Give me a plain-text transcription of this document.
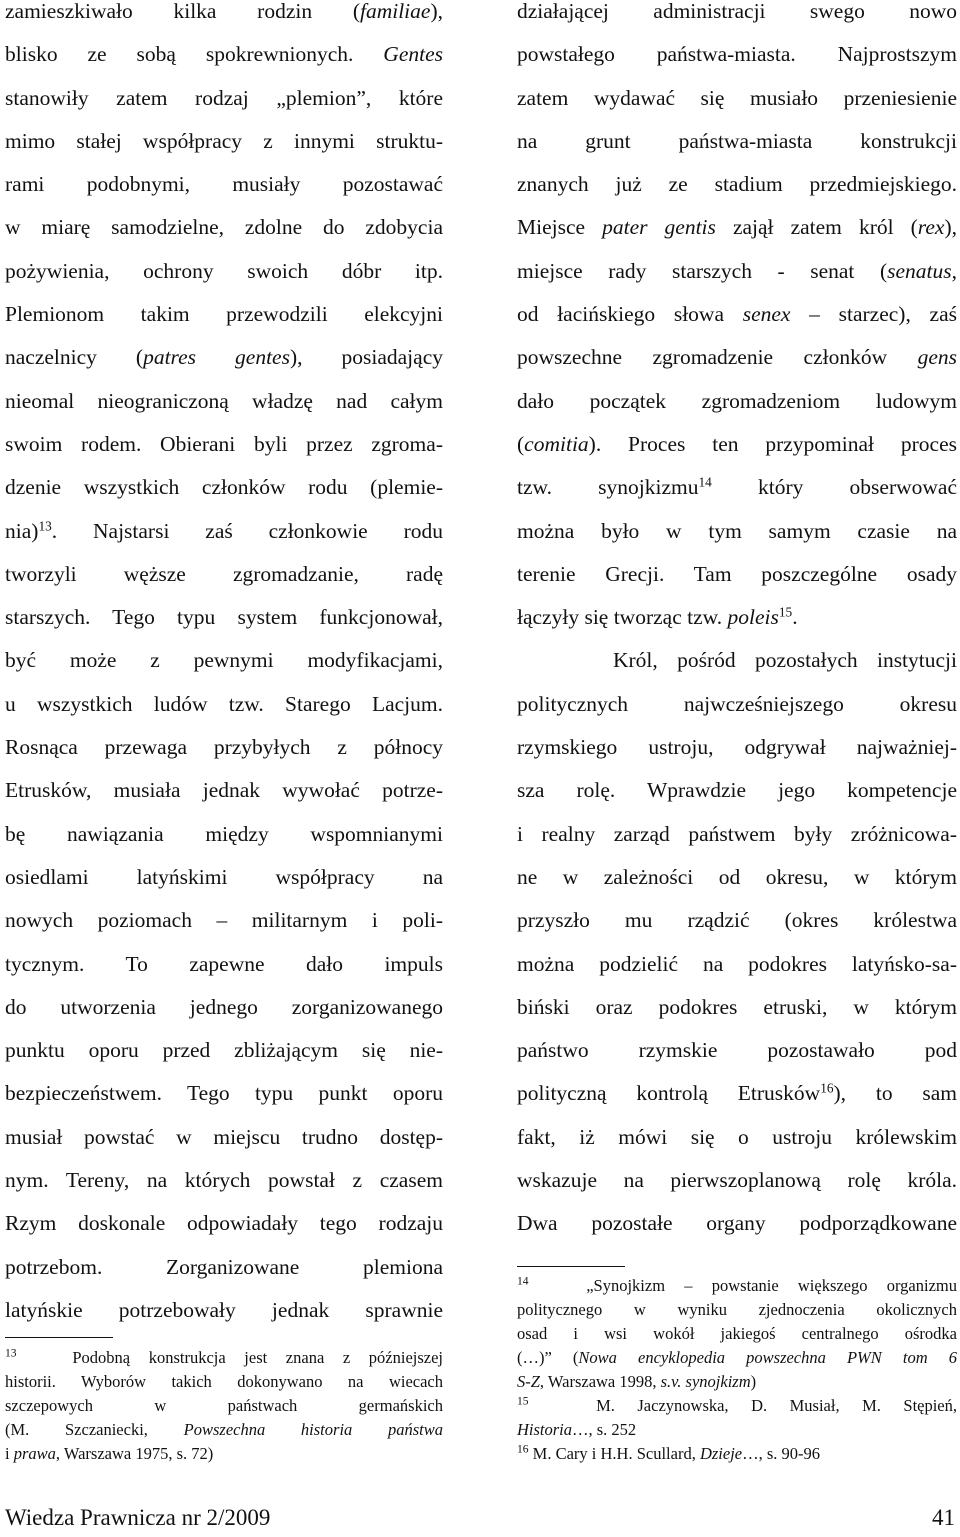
zamieszkiwało kilka rodzin (familiae),
blisko ze sobą spokrewnionych. Gentes
stanowiły zatem rodzaj „plemion”, które
mimo stałej współpracy z innymi struktu-
rami podobnymi, musiały pozostawać
w miarę samodzielne, zdolne do zdobycia
pożywienia, ochrony swoich dóbr itp.
Plemionom takim przewodzili elekcyjni
naczelnicy (patres gentes), posiadający
nieomal nieograniczoną władzę nad całym
swoim rodem. Obierani byli przez zgroma-
dzenie wszystkich członków rodu (plemie-
nia)$^{13}$. Najstarsi zaś członkowie rodu
tworzyli węższe zgromadzanie, radę
starszych. Tego typu system funkcjonował,
być może z pewnymi modyfikacjami,
u wszystkich ludów tzw. Starego Lacjum.
Rosnąca przewaga przybyłych z północy
Etrusków, musiała jednak wywołać potrze-
bę nawiązania między wspomnianymi
osiedlami latyńskimi współpracy na
nowych poziomach – militarnym i poli-
tycznym. To zapewne dało impuls
do utworzenia jednego zorganizowanego
punktu oporu przed zbliżającym się nie-
bezpieczeństwem. Tego typu punkt oporu
musiał powstać w miejscu trudno dostęp-
nym. Tereny, na których powstał z czasem
Rzym doskonale odpowiadały tego rodzaju
potrzebom. Zorganizowane plemiona
latyńskie potrzebowały jednak sprawnie
$^{13}$	Podobną konstrukcja jest znana z późniejszej
historii. Wyborów takich dokonywano na wiecach
szczepowych w państwach germańskich
(M. Szczaniecki, Powszechna historia państwa
i prawa, Warszawa 1975, s. 72)
działającej administracji swego nowo
powstałego państwa-miasta. Najprostszym
zatem wydawać się musiało przeniesienie
na grunt państwa-miasta konstrukcji
znanych już ze stadium przedmiejskiego.
Miejsce pater gentis zajął zatem król (rex),
miejsce rady starszych - senat (senatus,
od łacińskiego słowa senex – starzec), zaś
powszechne zgromadzenie członków gens
dało początek zgromadzeniom ludowym
(comitia). Proces ten przypominał proces
tzw. synojkizmu$^{14}$ który obserwować
można było w tym samym czasie na
terenie Grecji. Tam poszczególne osady
łączyły się tworząc tzw. poleis$^{15}$.
Król, pośród pozostałych instytucji
politycznych najwcześniejszego okresu
rzymskiego ustroju, odgrywał najważniej-
sza rolę. Wprawdzie jego kompetencje
i realny zarząd państwem były zróżnicowa-
ne w zależności od okresu, w którym
przyszło mu rządzić (okres królestwa
można podzielić na podokres latyńsko-sa-
biński oraz podokres etruski, w którym
państwo rzymskie pozostawało pod
polityczną kontrolą Etrusków$^{16}$), to sam
fakt, iż mówi się o ustroju królewskim
wskazuje na pierwszoplanową rolę króla.
Dwa pozostałe organy podporządkowane
$^{14}$	„Synojkizm – powstanie większego organizmu
politycznego w wyniku zjednoczenia okolicznych
osad i wsi wokół jakiegoś centralnego ośrodka
(…)” (Nowa encyklopedia powszechna PWN tom 6
S-Z, Warszawa 1998, s.v. synojkizm)
$^{15}$	M. Jaczynowska, D. Musiał, M. Stępień,
Historia…, s. 252
$^{16}$ M. Cary i H.H. Scullard, Dzieje…, s. 90-96
Wiedza Prawnicza nr 2/2009	41
